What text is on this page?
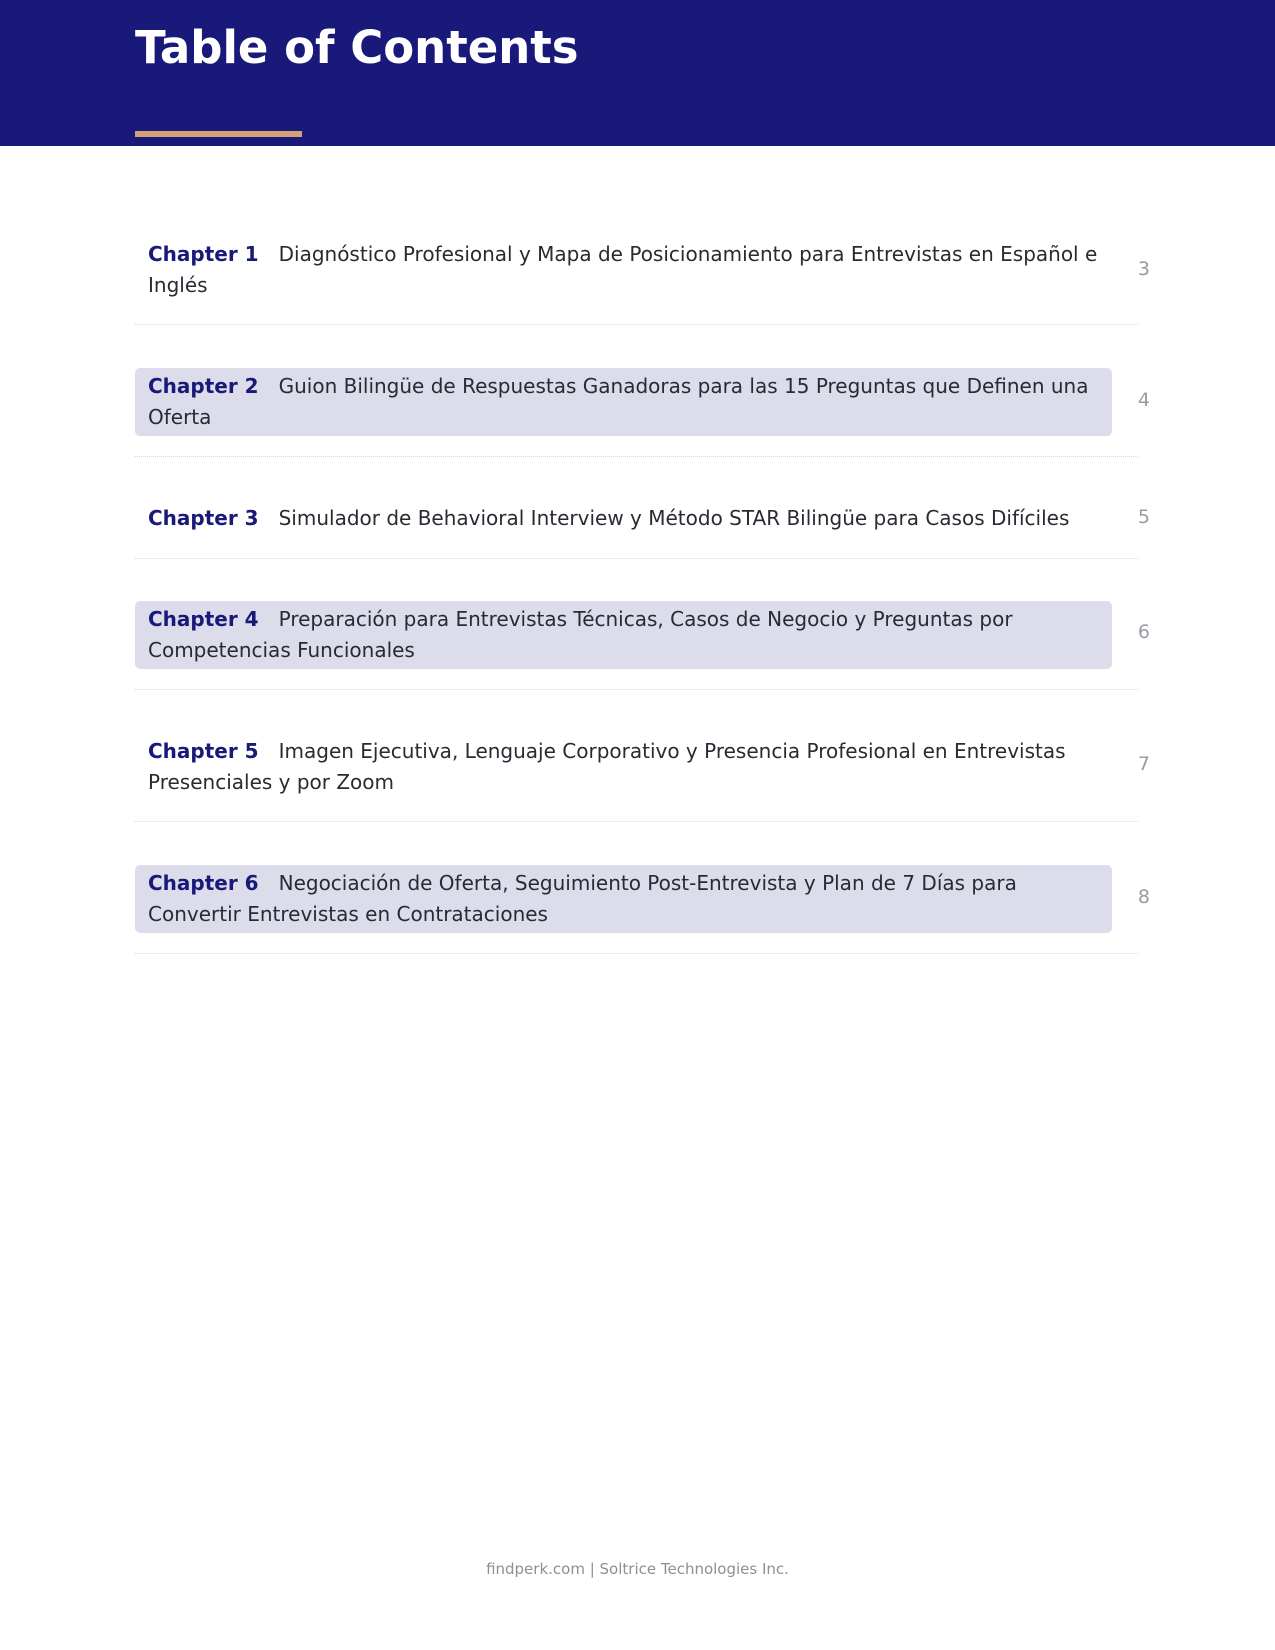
Table of Contents
Chapter 1 Diagnóstico Profesional y Mapa de Posicionamiento para Entrevistas en Español e Inglés
3
Chapter 2 Guion Bilingüe de Respuestas Ganadoras para las 15 Preguntas que Definen una Oferta
4
Chapter 3 Simulador de Behavioral Interview y Método STAR Bilingüe para Casos Difíciles	5
Chapter 4 Preparación para Entrevistas Técnicas, Casos de Negocio y Preguntas por Competencias Funcionales
6
Chapter 5 Imagen Ejecutiva, Lenguaje Corporativo y Presencia Profesional en Entrevistas Presenciales y por Zoom
7
Chapter 6 Negociación de Oferta, Seguimiento Post-Entrevista y Plan de 7 Días para Convertir Entrevistas en Contrataciones
8
findperk.com | Soltrice Technologies Inc.
